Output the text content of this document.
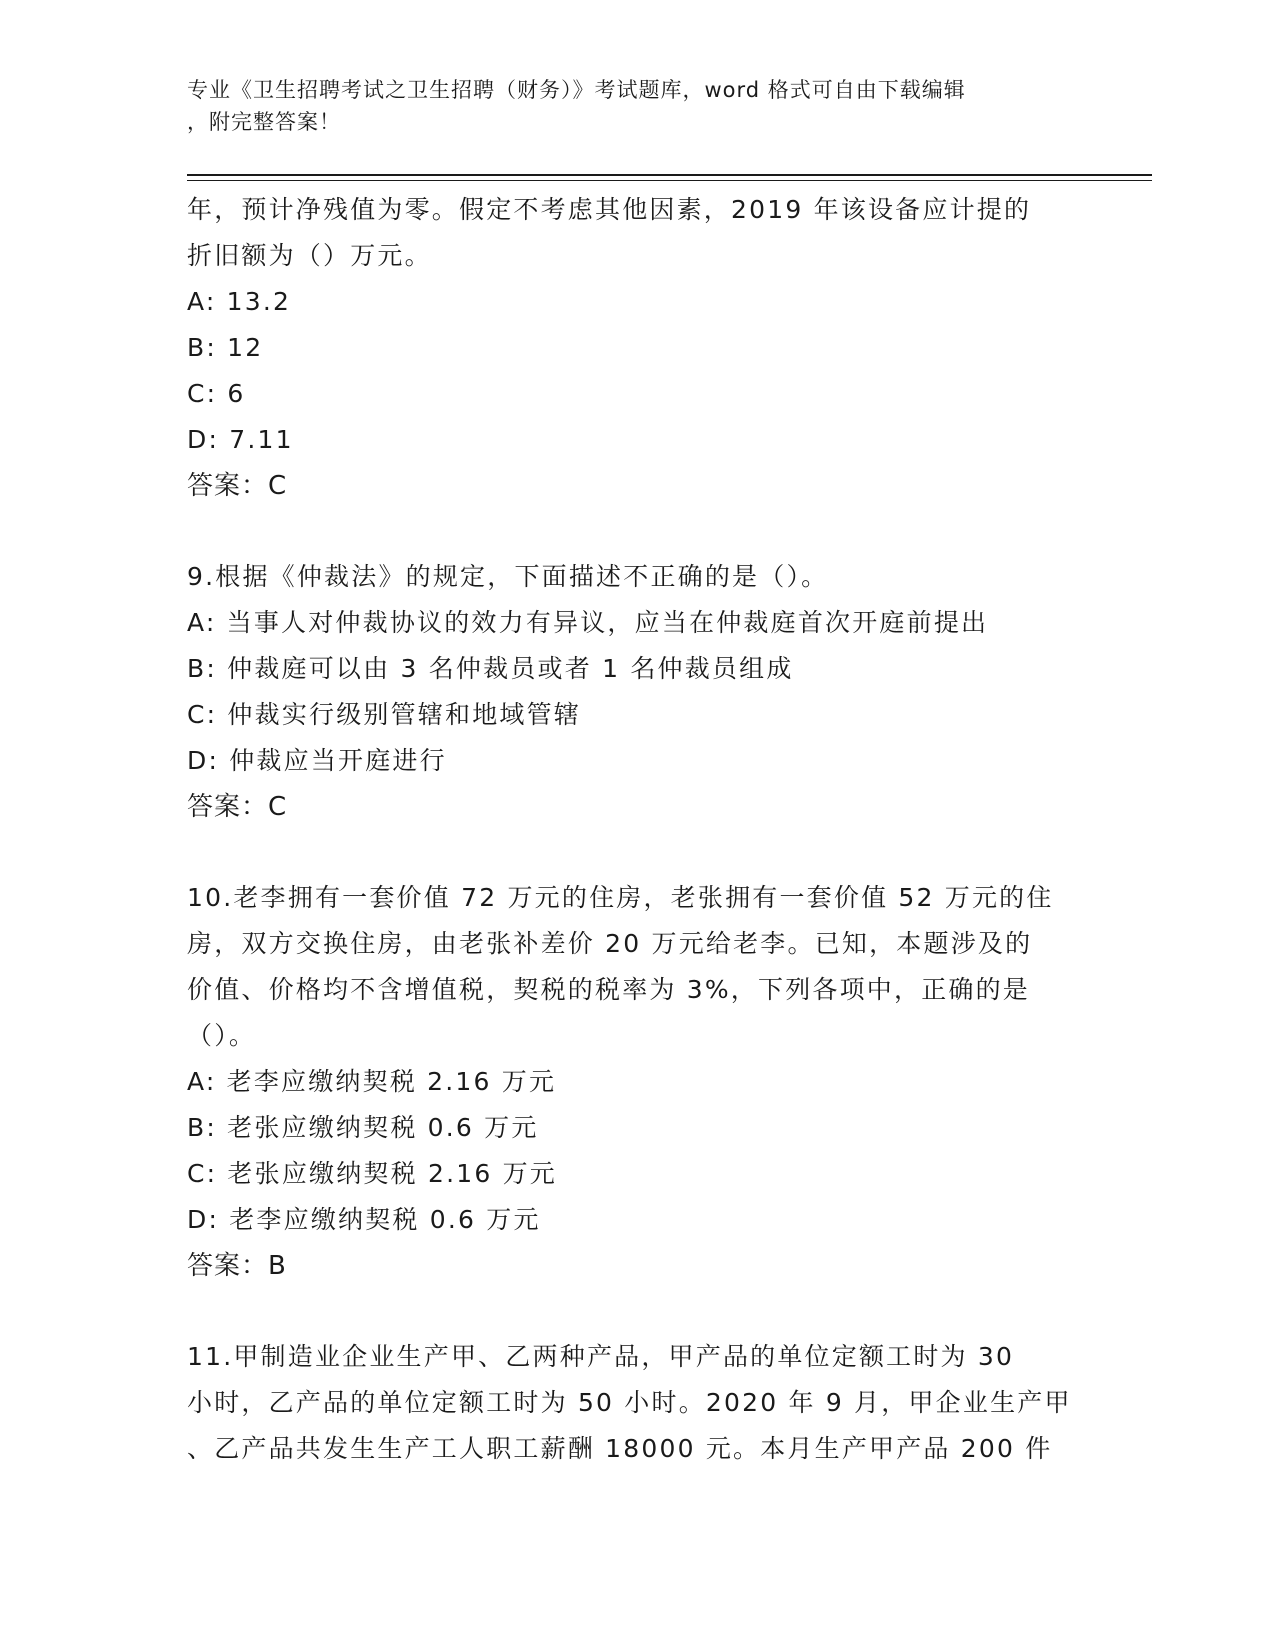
专业《卫生招聘考试之卫生招聘（财务）》考试题库，word 格式可自由下载编辑
，附完整答案！
年，预计净残值为零。假定不考虑其他因素，2019 年该设备应计提的
折旧额为（）万元。
A: 13.2
B: 12
C: 6
D: 7.11
答案：C
9.根据《仲裁法》的规定，下面描述不正确的是（）。
A: 当事人对仲裁协议的效力有异议，应当在仲裁庭首次开庭前提出
B: 仲裁庭可以由 3 名仲裁员或者 1 名仲裁员组成
C: 仲裁实行级别管辖和地域管辖
D: 仲裁应当开庭进行
答案：C
10.老李拥有一套价值 72 万元的住房，老张拥有一套价值 52 万元的住
房，双方交换住房，由老张补差价 20 万元给老李。已知，本题涉及的
价值、价格均不含增值税，契税的税率为 3%，下列各项中，正确的是
（）。
A: 老李应缴纳契税 2.16 万元
B: 老张应缴纳契税 0.6 万元
C: 老张应缴纳契税 2.16 万元
D: 老李应缴纳契税 0.6 万元
答案：B
11.甲制造业企业生产甲、乙两种产品，甲产品的单位定额工时为 30
小时，乙产品的单位定额工时为 50 小时。2020 年 9 月，甲企业生产甲
、乙产品共发生生产工人职工薪酬 18000 元。本月生产甲产品 200 件
